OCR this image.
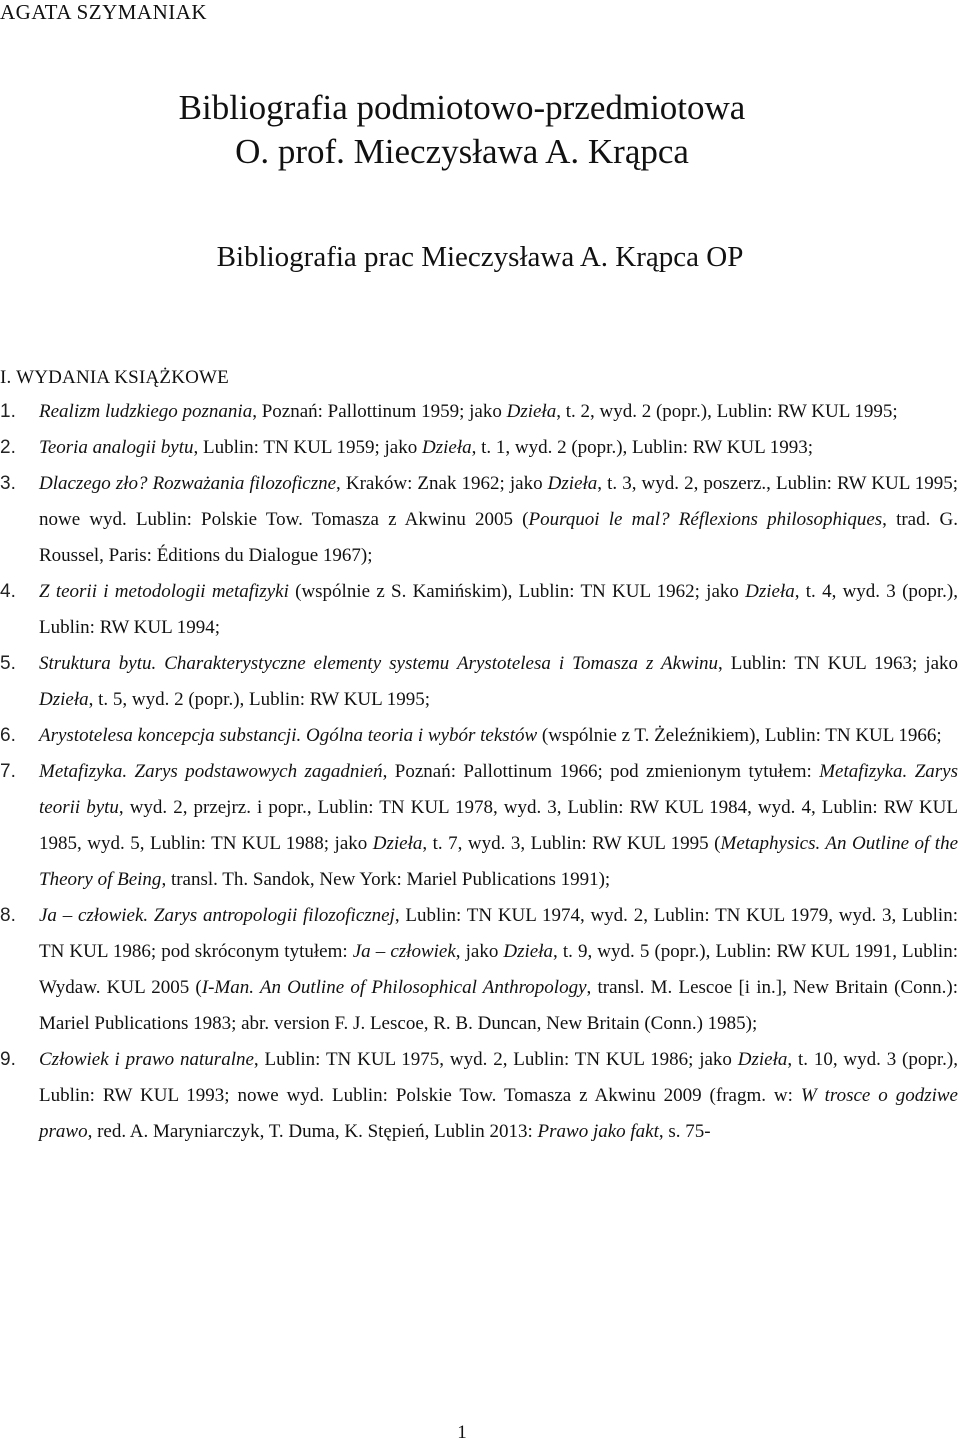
AGATA SZYMANIAK
Bibliografia podmiotowo-przedmiotowa
O. prof. Mieczysława A. Krąpca
Bibliografia prac Mieczysława A. Krąpca OP
I. WYDANIA KSIĄŻKOWE
1. Realizm ludzkiego poznania, Poznań: Pallottinum 1959; jako Dzieła, t. 2, wyd. 2 (popr.), Lublin: RW KUL 1995;
2. Teoria analogii bytu, Lublin: TN KUL 1959; jako Dzieła, t. 1, wyd. 2 (popr.), Lublin: RW KUL 1993;
3. Dlaczego zło? Rozważania filozoficzne, Kraków: Znak 1962; jako Dzieła, t. 3, wyd. 2, poszerz., Lublin: RW KUL 1995; nowe wyd. Lublin: Polskie Tow. Tomasza z Akwinu 2005 (Pourquoi le mal? Réflexions philosophiques, trad. G. Roussel, Paris: Éditions du Dialogue 1967);
4. Z teorii i metodologii metafizyki (wspólnie z S. Kamińskim), Lublin: TN KUL 1962; jako Dzieła, t. 4, wyd. 3 (popr.), Lublin: RW KUL 1994;
5. Struktura bytu. Charakterystyczne elementy systemu Arystotelesa i Tomasza z Akwinu, Lublin: TN KUL 1963; jako Dzieła, t. 5, wyd. 2 (popr.), Lublin: RW KUL 1995;
6. Arystotelesa koncepcja substancji. Ogólna teoria i wybór tekstów (wspólnie z T. Żeleźnikiem), Lublin: TN KUL 1966;
7. Metafizyka. Zarys podstawowych zagadnień, Poznań: Pallottinum 1966; pod zmienionym tytułem: Metafizyka. Zarys teorii bytu, wyd. 2, przejrz. i popr., Lublin: TN KUL 1978, wyd. 3, Lublin: RW KUL 1984, wyd. 4, Lublin: RW KUL 1985, wyd. 5, Lublin: TN KUL 1988; jako Dzieła, t. 7, wyd. 3, Lublin: RW KUL 1995 (Metaphysics. An Outline of the Theory of Being, transl. Th. Sandok, New York: Mariel Publications 1991);
8. Ja – człowiek. Zarys antropologii filozoficznej, Lublin: TN KUL 1974, wyd. 2, Lublin: TN KUL 1979, wyd. 3, Lublin: TN KUL 1986; pod skróconym tytułem: Ja – człowiek, jako Dzieła, t. 9, wyd. 5 (popr.), Lublin: RW KUL 1991, Lublin: Wydaw. KUL 2005 (I-Man. An Outline of Philosophical Anthropology, transl. M. Lescoe [i in.], New Britain (Conn.): Mariel Publications 1983; abr. version F. J. Lescoe, R. B. Duncan, New Britain (Conn.) 1985);
9. Człowiek i prawo naturalne, Lublin: TN KUL 1975, wyd. 2, Lublin: TN KUL 1986; jako Dzieła, t. 10, wyd. 3 (popr.), Lublin: RW KUL 1993; nowe wyd. Lublin: Polskie Tow. Tomasza z Akwinu 2009 (fragm. w: W trosce o godziwe prawo, red. A. Maryniarczyk, T. Duma, K. Stępień, Lublin 2013: Prawo jako fakt, s. 75-
1
